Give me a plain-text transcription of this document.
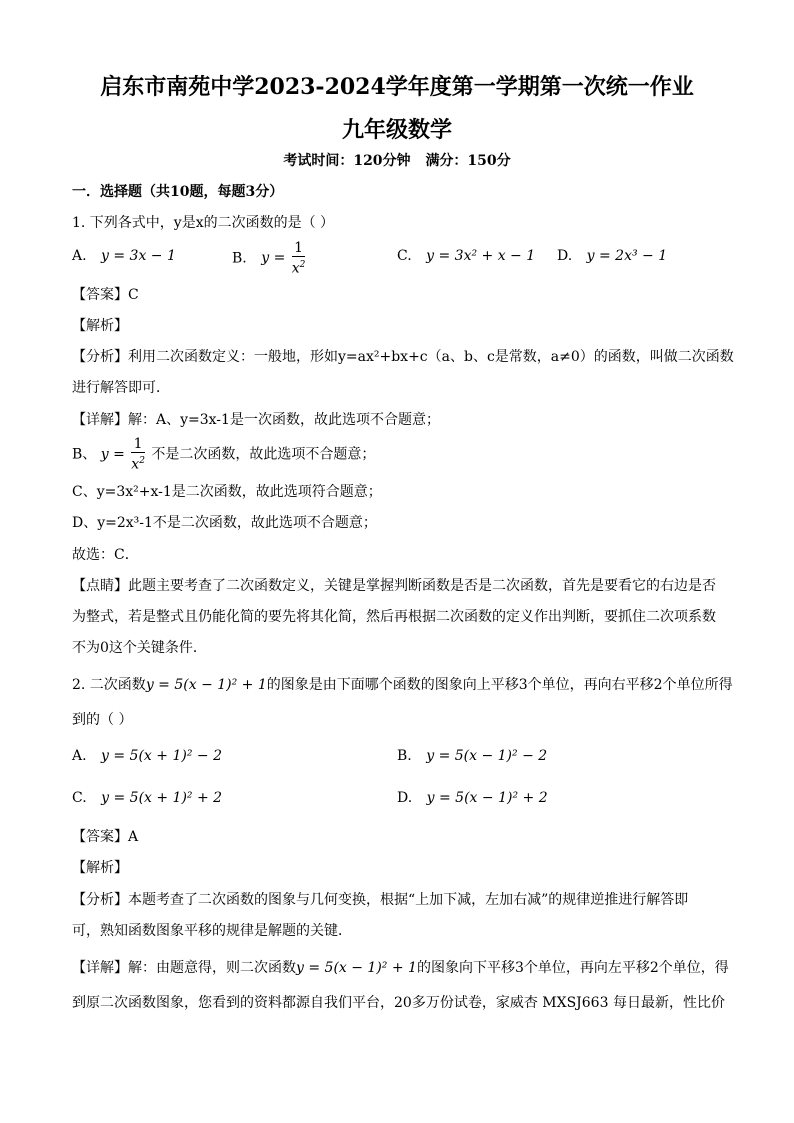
启东市南苑中学2023-2024学年度第一学期第一次统一作业
九年级数学
考试时间：120分钟 满分：150分
一．选择题（共10题，每题3分）
1. 下列各式中，y是x的二次函数的是（ ）
A. y = 3x − 1	B. $y = \frac{1}{x^2}$	C. y = 3x² + x − 1 D. y = 2x³ − 1
【答案】C
【解析】
【分析】利用二次函数定义：一般地，形如y=ax²+bx+c（a、b、c是常数，a≠0）的函数，叫做二次函数
进行解答即可．
【详解】解：A、y=3x-1是一次函数，故此选项不合题意；
B、 $y = \frac{1}{x^2}$ 不是二次函数，故此选项不合题意；
C、y=3x²+x-1是二次函数，故此选项符合题意；
D、y=2x³-1不是二次函数，故此选项不合题意；
故选：C．
【点睛】此题主要考查了二次函数定义，关键是掌握判断函数是否是二次函数，首先是要看它的右边是否
为整式，若是整式且仍能化简的要先将其化简，然后再根据二次函数的定义作出判断，要抓住二次项系数
不为0这个关键条件．
2. 二次函数y = 5(x − 1)² + 1的图象是由下面哪个函数的图象向上平移3个单位，再向右平移2个单位所得
到的（ ）
A. y = 5(x + 1)² − 2	B. y = 5(x − 1)² − 2
C. y = 5(x + 1)² + 2	D. y = 5(x − 1)² + 2
【答案】A
【解析】
【分析】本题考查了二次函数的图象与几何变换，根据“上加下减，左加右减”的规律逆推进行解答即
可，熟知函数图象平移的规律是解题的关键．
【详解】解：由题意得，则二次函数y = 5(x − 1)² + 1的图象向下平移3个单位，再向左平移2个单位，得
到原二次函数图象，您看到的资料都源自我们平台，20多万份试卷，家威杏 MXSJ663 每日最新，性比价
